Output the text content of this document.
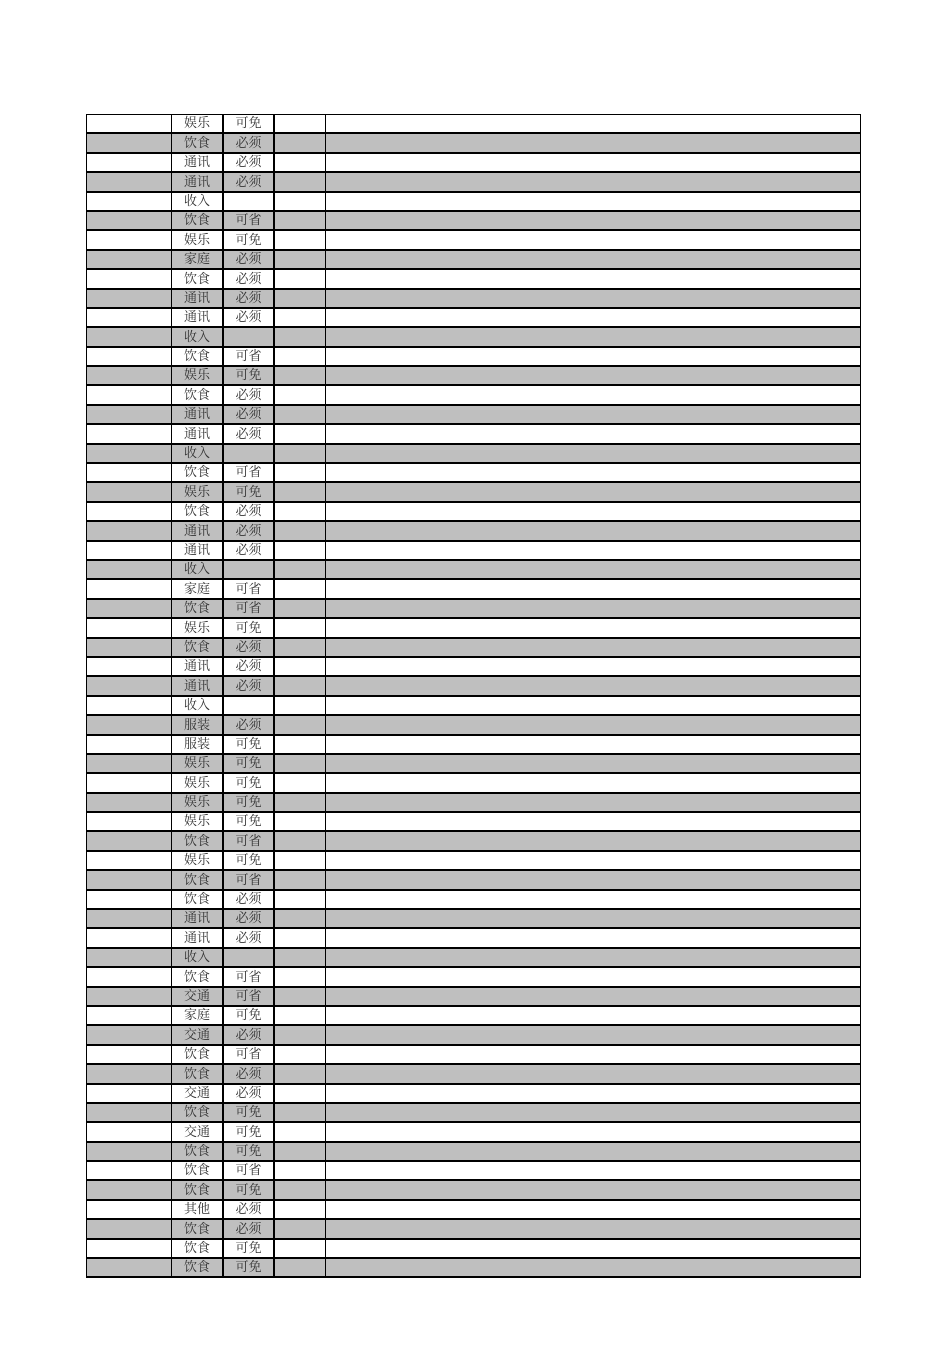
	娱乐	可免		
	饮食	必须		
	通讯	必须		
	通讯	必须		
	收入			
	饮食	可省		
	娱乐	可免		
	家庭	必须		
	饮食	必须		
	通讯	必须		
	通讯	必须		
	收入			
	饮食	可省		
	娱乐	可免		
	饮食	必须		
	通讯	必须		
	通讯	必须		
	收入			
	饮食	可省		
	娱乐	可免		
	饮食	必须		
	通讯	必须		
	通讯	必须		
	收入			
	家庭	可省		
	饮食	可省		
	娱乐	可免		
	饮食	必须		
	通讯	必须		
	通讯	必须		
	收入			
	服装	必须		
	服装	可免		
	娱乐	可免		
	娱乐	可免		
	娱乐	可免		
	娱乐	可免		
	饮食	可省		
	娱乐	可免		
	饮食	可省		
	饮食	必须		
	通讯	必须		
	通讯	必须		
	收入			
	饮食	可省		
	交通	可省		
	家庭	可免		
	交通	必须		
	饮食	可省		
	饮食	必须		
	交通	必须		
	饮食	可免		
	交通	可免		
	饮食	可免		
	饮食	可省		
	饮食	可免		
	其他	必须		
	饮食	必须		
	饮食	可免		
	饮食	可免		
